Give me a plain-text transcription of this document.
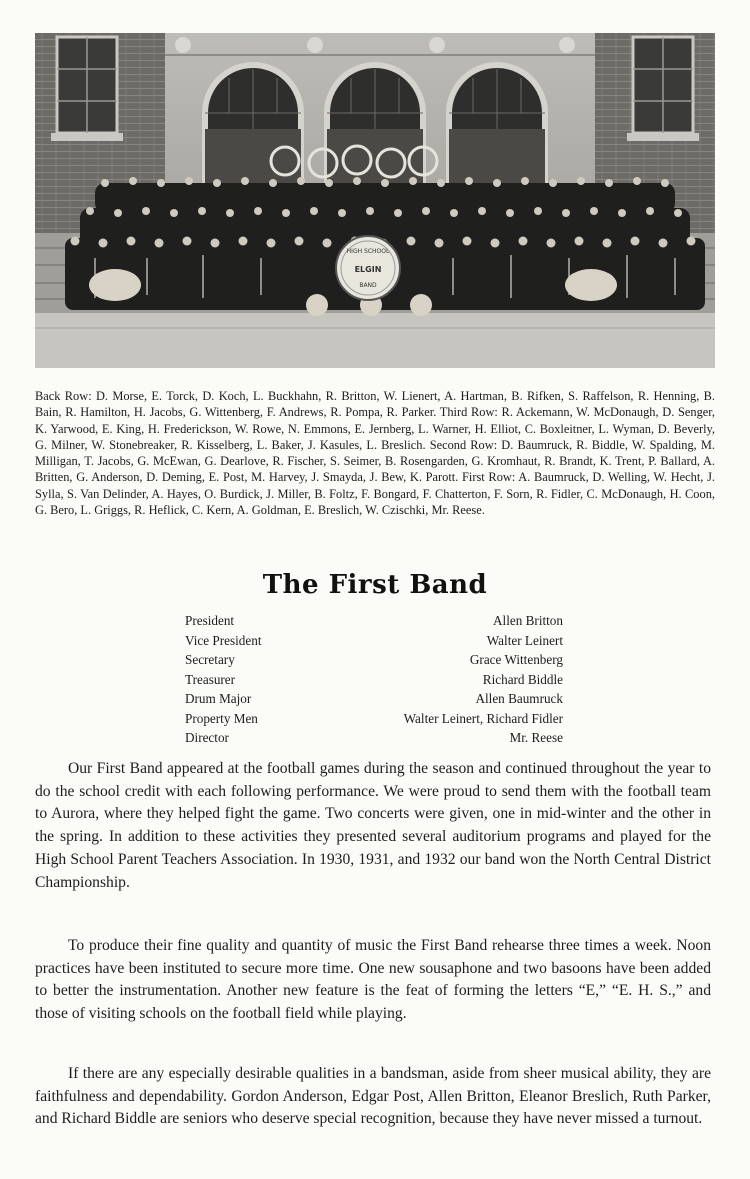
HIGH SCHOOL
ELGIN
BAND

Back Row: D. Morse, E. Torck, D. Koch, L. Buckhahn, R. Britton, W. Lienert, A. Hartman, B. Rifken, S. Raffelson, R. Henning, B. Bain, R. Hamilton, H. Jacobs, G. Wittenberg, F. Andrews, R. Pompa, R. Parker. Third Row: R. Ackemann, W. McDonaugh, D. Senger, K. Yarwood, E. King, H. Frederickson, W. Rowe, N. Emmons, E. Jernberg, L. Warner, H. Elliot, C. Boxleitner, L. Wyman, D. Beverly, G. Milner, W. Stonebreaker, R. Kisselberg, L. Baker, J. Kasules, L. Breslich. Second Row: D. Baumruck, R. Biddle, W. Spalding, M. Milligan, T. Jacobs, G. McEwan, G. Dearlove, R. Fischer, S. Seimer, B. Rosengarden, G. Kromhaut, R. Brandt, K. Trent, P. Ballard, A. Britten, G. Anderson, D. Deming, E. Post, M. Harvey, J. Smayda, J. Bew, K. Parott. First Row: A. Baumruck, D. Welling, W. Hecht, J. Sylla, S. Van Delinder, A. Hayes, O. Burdick, J. Miller, B. Foltz, F. Bongard, F. Chatterton, F. Sorn, R. Fidler, C. McDonaugh, H. Coon, G. Bero, L. Griggs, R. Heflick, C. Kern, A. Goldman, E. Breslich, W. Czischki, Mr. Reese.

The First Band
President	Allen Britton
Vice President	Walter Leinert
Secretary	Grace Wittenberg
Treasurer	Richard Biddle
Drum Major	Allen Baumruck
Property Men	Walter Leinert, Richard Fidler
Director	Mr. Reese

Our First Band appeared at the football games during the season and continued throughout the year to do the school credit with each following performance. We were proud to send them with the football team to Aurora, where they helped fight the game. Two concerts were given, one in mid-winter and the other in the spring. In addition to these activities they presented several auditorium programs and played for the High School Parent Teachers Association. In 1930, 1931, and 1932 our band won the North Central District Championship.

To produce their fine quality and quantity of music the First Band rehearse three times a week. Noon practices have been instituted to secure more time. One new sousaphone and two basoons have been added to better the instrumentation. Another new feature is the feat of forming the letters “E,” “E. H. S.,” and those of visiting schools on the football field while playing.

If there are any especially desirable qualities in a bandsman, aside from sheer musical ability, they are faithfulness and dependability. Gordon Anderson, Edgar Post, Allen Britton, Eleanor Breslich, Ruth Parker, and Richard Biddle are seniors who deserve special recognition, because they have never missed a turnout.
